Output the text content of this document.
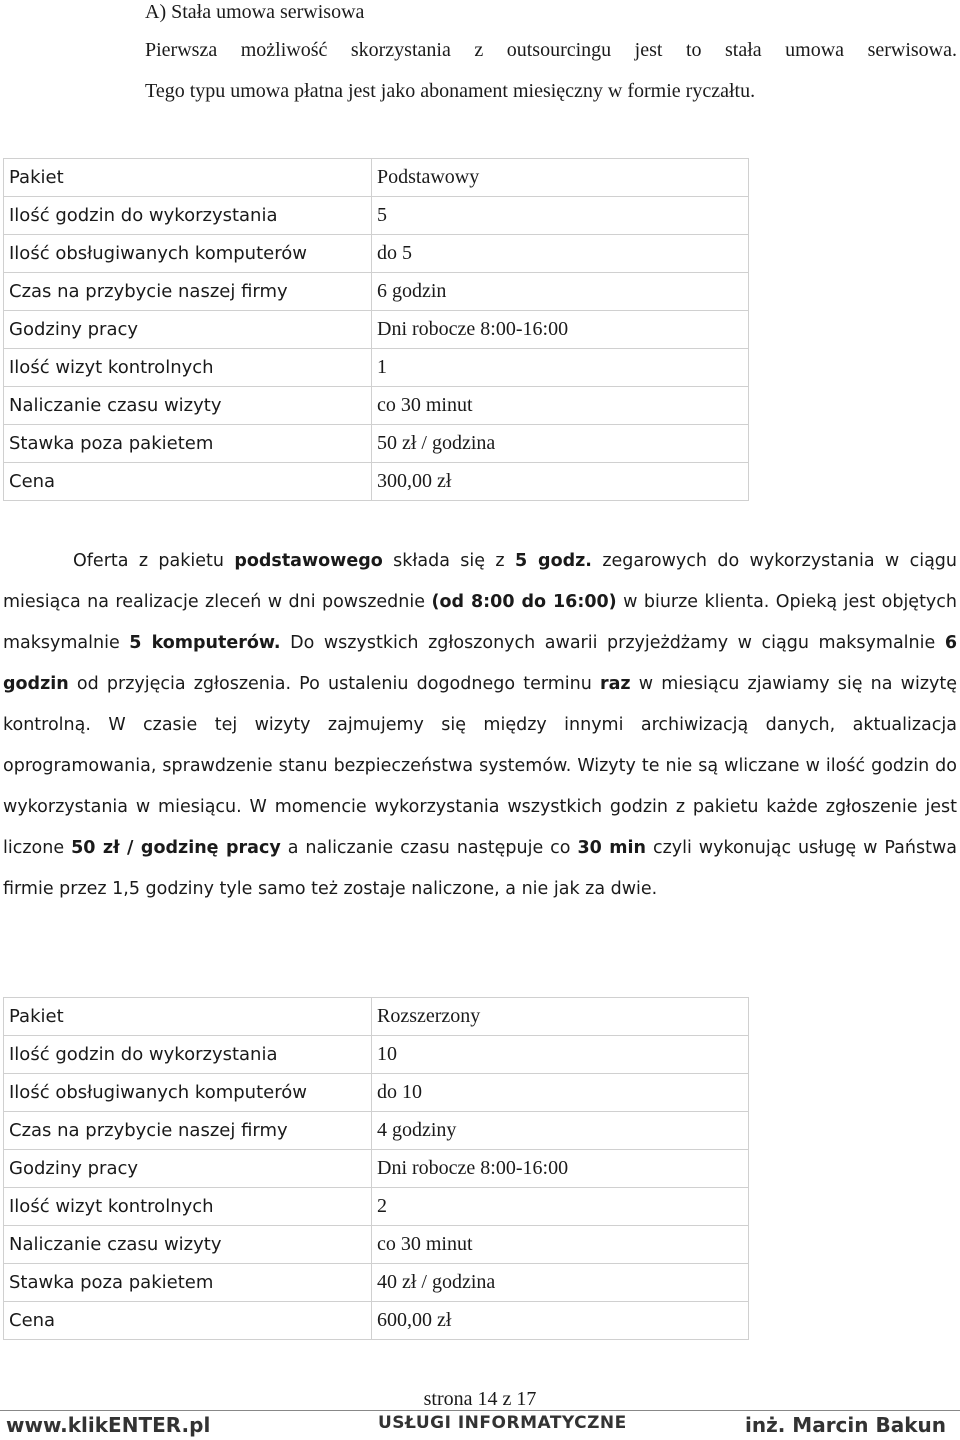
A) Stała umowa serwisowa
Pierwsza możliwość skorzystania z outsourcingu jest to stała umowa serwisowa.
Tego typu umowa płatna jest jako abonament miesięczny w formie ryczałtu.
Pakiet	Podstawowy
Ilość godzin do wykorzystania	5
Ilość obsługiwanych komputerów	do 5
Czas na przybycie naszej firmy	6 godzin
Godziny pracy	Dni robocze 8:00-16:00
Ilość wizyt kontrolnych	1
Naliczanie czasu wizyty	co 30 minut
Stawka poza pakietem	50 zł / godzina
Cena	300,00 zł
Oferta z pakietu podstawowego składa się z 5 godz. zegarowych do wykorzystania w ciągu miesiąca na realizacje zleceń w dni powszednie (od 8:00 do 16:00) w biurze klienta. Opieką jest objętych maksymalnie 5 komputerów. Do wszystkich zgłoszonych awarii przyjeżdżamy w ciągu maksymalnie 6 godzin od przyjęcia zgłoszenia. Po ustaleniu dogodnego terminu raz w miesiącu zjawiamy się na wizytę kontrolną. W czasie tej wizyty zajmujemy się między innymi archiwizacją danych, aktualizacja oprogramowania, sprawdzenie stanu bezpieczeństwa systemów. Wizyty te nie są wliczane w ilość godzin do wykorzystania w miesiącu. W momencie wykorzystania wszystkich godzin z pakietu każde zgłoszenie jest liczone 50 zł / godzinę pracy a naliczanie czasu następuje co 30 min czyli wykonując usługę w Państwa firmie przez 1,5 godziny tyle samo też zostaje naliczone, a nie jak za dwie.
Pakiet	Rozszerzony
Ilość godzin do wykorzystania	10
Ilość obsługiwanych komputerów	do 10
Czas na przybycie naszej firmy	4 godziny
Godziny pracy	Dni robocze 8:00-16:00
Ilość wizyt kontrolnych	2
Naliczanie czasu wizyty	co 30 minut
Stawka poza pakietem	40 zł / godzina
Cena	600,00 zł
strona 14 z 17
www.klikENTER.pl	USŁUGI INFORMATYCZNE	inż. Marcin Bakun
